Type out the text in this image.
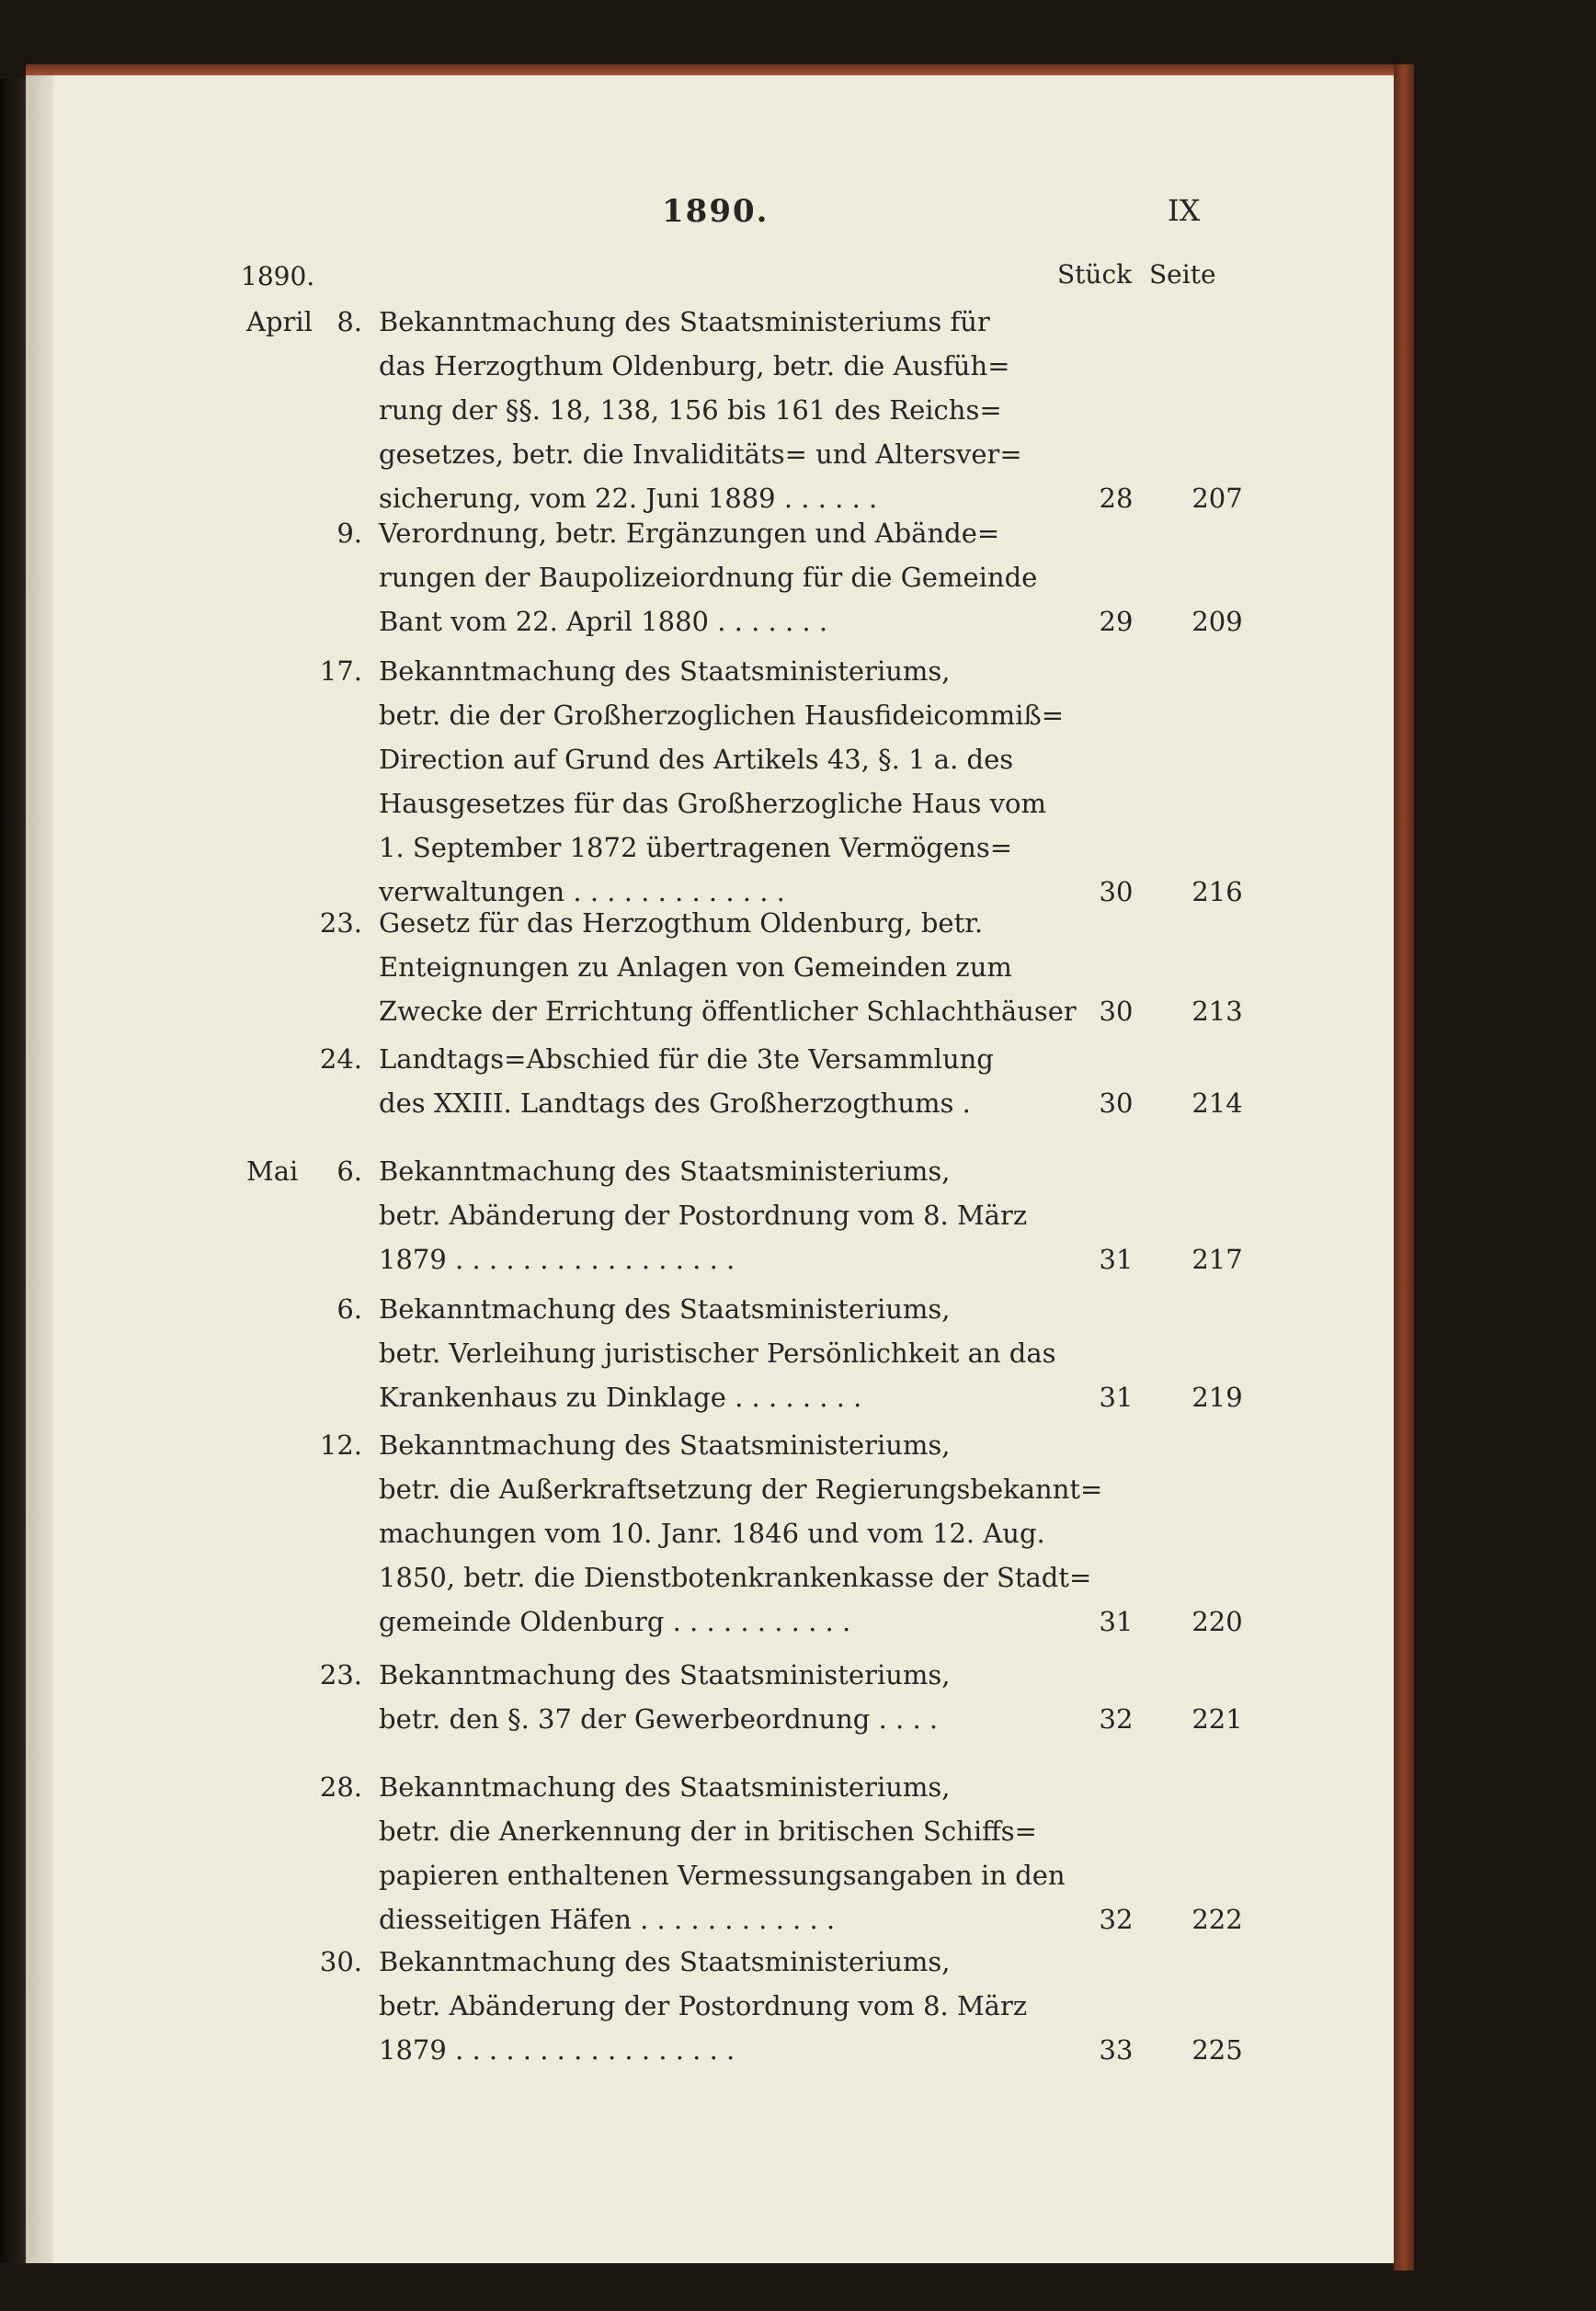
1890.	IX
1890.	Stück Seite
April 8. Bekanntmachung des Staatsministeriums für
das Herzogthum Oldenburg, betr. die Ausfüh=
rung der §§. 18, 138, 156 bis 161 des Reichs=
gesetzes, betr. die Invaliditäts= und Altersver=
sicherung, vom 22. Juni 1889 . . . . . .	28	207
9. Verordnung, betr. Ergänzungen und Abände=
rungen der Baupolizeiordnung für die Gemeinde
Bant vom 22. April 1880 . . . . . . .	29	209
17. Bekanntmachung des Staatsministeriums,
betr. die der Großherzoglichen Hausfideicommiß=
Direction auf Grund des Artikels 43, §. 1 a. des
Hausgesetzes für das Großherzogliche Haus vom
1. September 1872 übertragenen Vermögens=
verwaltungen . . . . . . . . . . . . .	30	216
23. Gesetz für das Herzogthum Oldenburg, betr.
Enteignungen zu Anlagen von Gemeinden zum
Zwecke der Errichtung öffentlicher Schlachthäuser 30	213
24. Landtags=Abschied für die 3te Versammlung
des XXIII. Landtags des Großherzogthums .	30	214
Mai	6. Bekanntmachung des Staatsministeriums,
betr. Abänderung der Postordnung vom 8. März
1879 . . . . . . . . . . . . . . . . .	31	217
6. Bekanntmachung des Staatsministeriums,
betr. Verleihung juristischer Persönlichkeit an das
Krankenhaus zu Dinklage . . . . . . . .	31	219
12. Bekanntmachung des Staatsministeriums,
betr. die Außerkraftsetzung der Regierungsbekannt=
machungen vom 10. Janr. 1846 und vom 12. Aug.
1850, betr. die Dienstbotenkrankenkasse der Stadt=
gemeinde Oldenburg . . . . . . . . . . .	31	220
23. Bekanntmachung des Staatsministeriums,
betr. den §. 37 der Gewerbeordnung . . . .	32	221
28. Bekanntmachung des Staatsministeriums,
betr. die Anerkennung der in britischen Schiffs=
papieren enthaltenen Vermessungsangaben in den
diesseitigen Häfen . . . . . . . . . . . .	32	222
30. Bekanntmachung des Staatsministeriums,
betr. Abänderung der Postordnung vom 8. März
1879 . . . . . . . . . . . . . . . . .	33	225
